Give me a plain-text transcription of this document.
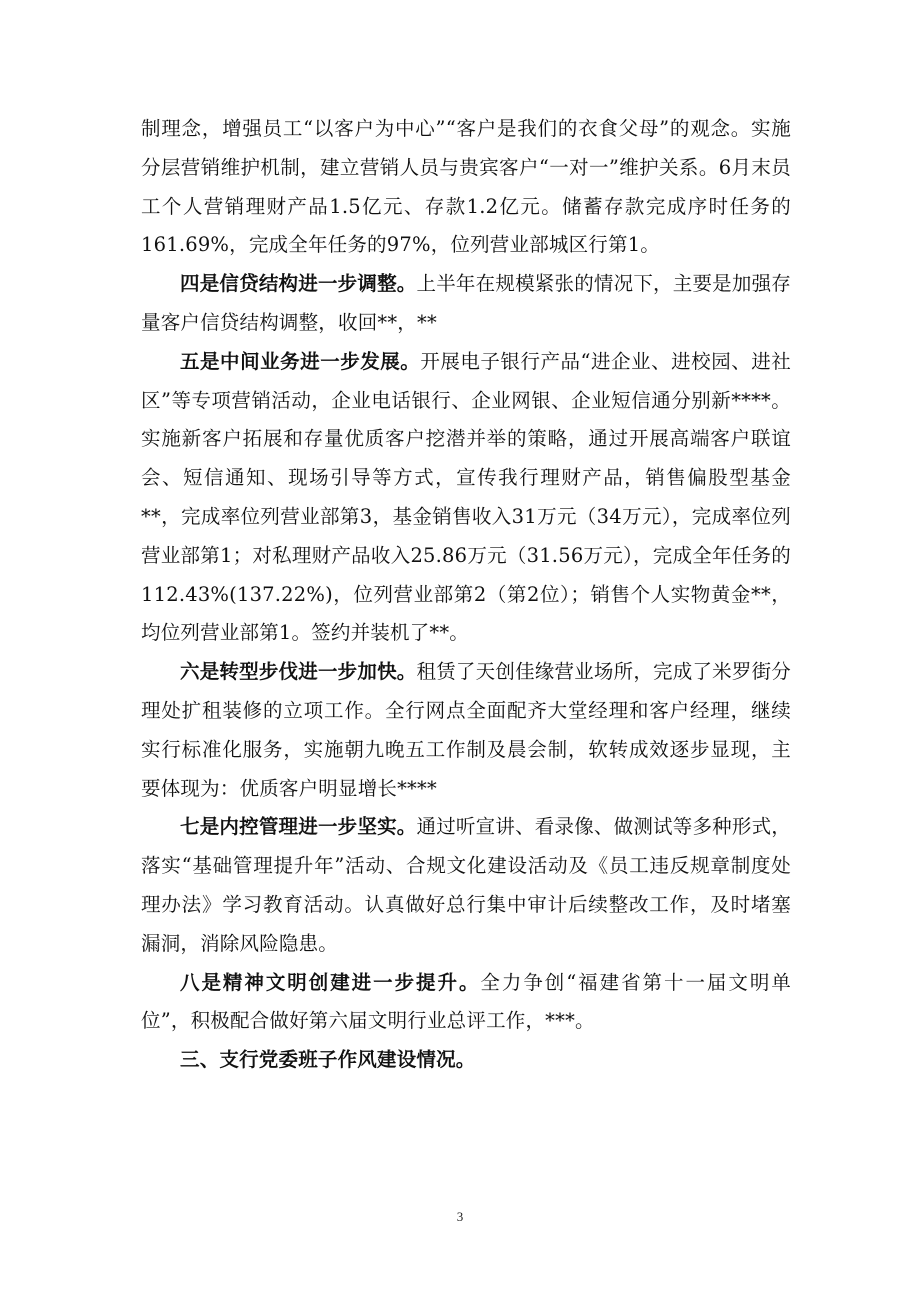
制理念，增强员工“以客户为中心”“客户是我们的衣食父母”的观念。实施分层营销维护机制，建立营销人员与贵宾客户“一对一”维护关系。6月末员工个人营销理财产品1.5亿元、存款1.2亿元。储蓄存款完成序时任务的161.69%，完成全年任务的97%，位列营业部城区行第1。

四是信贷结构进一步调整。上半年在规模紧张的情况下，主要是加强存量客户信贷结构调整，收回**，**

五是中间业务进一步发展。开展电子银行产品“进企业、进校园、进社区”等专项营销活动，企业电话银行、企业网银、企业短信通分别新****。实施新客户拓展和存量优质客户挖潜并举的策略，通过开展高端客户联谊会、短信通知、现场引导等方式，宣传我行理财产品，销售偏股型基金**，完成率位列营业部第3，基金销售收入31万元（34万元），完成率位列营业部第1；对私理财产品收入25.86万元（31.56万元），完成全年任务的112.43%(137.22%)，位列营业部第2（第2位）；销售个人实物黄金**，均位列营业部第1。签约并装机了**。

六是转型步伐进一步加快。租赁了天创佳缘营业场所，完成了米罗街分理处扩租装修的立项工作。全行网点全面配齐大堂经理和客户经理，继续实行标准化服务，实施朝九晚五工作制及晨会制，软转成效逐步显现，主要体现为：优质客户明显增长****

七是内控管理进一步坚实。通过听宣讲、看录像、做测试等多种形式，落实“基础管理提升年”活动、合规文化建设活动及《员工违反规章制度处理办法》学习教育活动。认真做好总行集中审计后续整改工作，及时堵塞漏洞，消除风险隐患。

八是精神文明创建进一步提升。全力争创“福建省第十一届文明单位”，积极配合做好第六届文明行业总评工作，***。

三、支行党委班子作风建设情况。

3
